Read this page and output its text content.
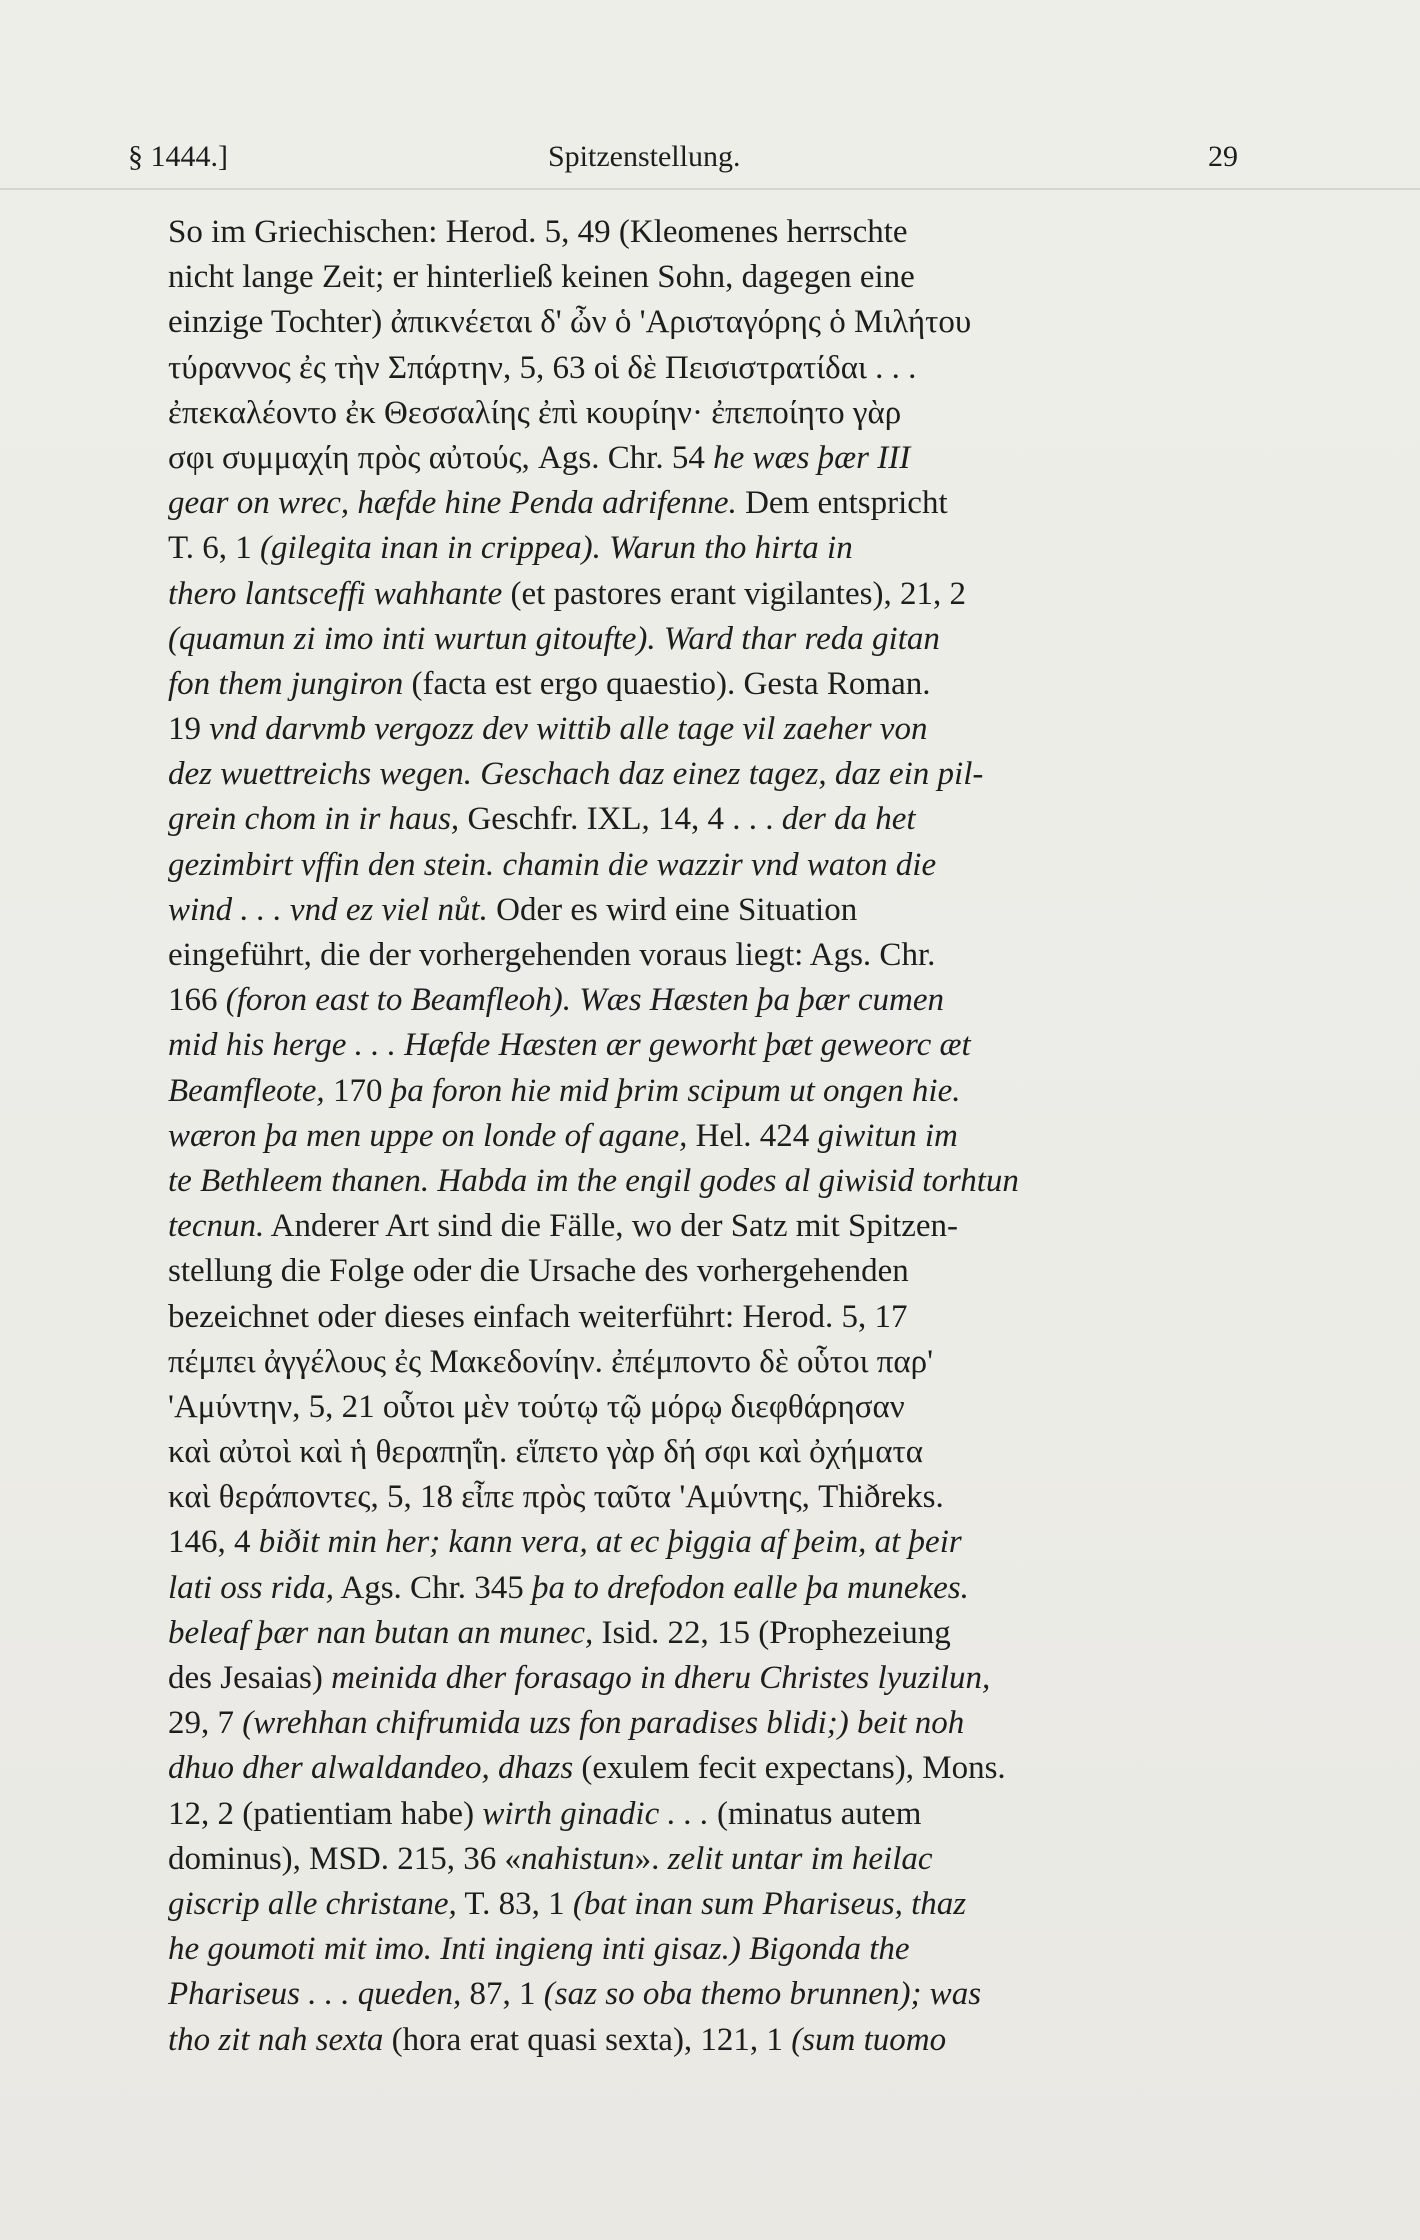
§ 1444.]	Spitzenstellung.	29
So im Griechischen: Herod. 5, 49 (Kleomenes herrschte
nicht lange Zeit; er hinterließ keinen Sohn, dagegen eine
einzige Tochter) ἀπικνέεται δ' ὦν ὁ 'Αρισταγόρης ὁ Μιλήτου
τύραννος ἐς τὴν Σπάρτην, 5, 63 οἱ δὲ Πεισιστρατίδαι . . .
ἐπεκαλέοντο ἐκ Θεσσαλίης ἐπὶ κουρίην· ἐπεποίητο γὰρ
σφι συμμαχίη πρὸς αὐτούς, Ags. Chr. 54 he wæs þær III
gear on wrec, hæfde hine Penda adrifenne. Dem entspricht
T. 6, 1 (gilegita inan in crippea). Warun tho hirta in
thero lantsceffi wahhante (et pastores erant vigilantes), 21, 2
(quamun zi imo inti wurtun gitoufte). Ward thar reda gitan
fon them jungiron (facta est ergo quaestio). Gesta Roman.
19 vnd darvmb vergozz dev wittib alle tage vil zaeher von
dez wuettreichs wegen. Geschach daz einez tagez, daz ein pil-
grein chom in ir haus, Geschfr. IXL, 14, 4 . . . der da het
gezimbirt vffin den stein. chamin die wazzir vnd waton die
wind . . . vnd ez viel nůt. Oder es wird eine Situation
eingeführt, die der vorhergehenden voraus liegt: Ags. Chr.
166 (foron east to Beamfleoh). Wæs Hæsten þa þær cumen
mid his herge . . . Hæfde Hæsten ær geworht þæt geweorc æt
Beamfleote, 170 þa foron hie mid þrim scipum ut ongen hie.
wæron þa men uppe on londe of agane, Hel. 424 giwitun im
te Bethleem thanen. Habda im the engil godes al giwisid torhtun
tecnun. Anderer Art sind die Fälle, wo der Satz mit Spitzen-
stellung die Folge oder die Ursache des vorhergehenden
bezeichnet oder dieses einfach weiterführt: Herod. 5, 17
πέμπει ἀγγέλους ἐς Μακεδονίην. ἐπέμποντο δὲ οὗτοι παρ'
'Αμύντην, 5, 21 οὗτοι μὲν τούτῳ τῷ μόρῳ διεφθάρησαν
καὶ αὐτοὶ καὶ ἡ θεραπηΐη. εἵπετο γὰρ δή σφι καὶ ὀχήματα
καὶ θεράποντες, 5, 18 εἶπε πρὸς ταῦτα 'Αμύντης, Thiðreks.
146, 4 biðit min her; kann vera, at ec þiggia af þeim, at þeir
lati oss rida, Ags. Chr. 345 þa to drefodon ealle þa munekes.
beleaf þær nan butan an munec, Isid. 22, 15 (Prophezeiung
des Jesaias) meinida dher forasago in dheru Christes lyuzilun,
29, 7 (wrehhan chifrumida uzs fon paradises blidi;) beit noh
dhuo dher alwaldandeo, dhazs (exulem fecit expectans), Mons.
12, 2 (patientiam habe) wirth ginadic . . . (minatus autem
dominus), MSD. 215, 36 «nahistun». zelit untar im heilac
giscrip alle christane, T. 83, 1 (bat inan sum Phariseus, thaz
he goumoti mit imo. Inti ingieng inti gisaz.) Bigonda the
Phariseus . . . queden, 87, 1 (saz so oba themo brunnen); was
tho zit nah sexta (hora erat quasi sexta), 121, 1 (sum tuomo
